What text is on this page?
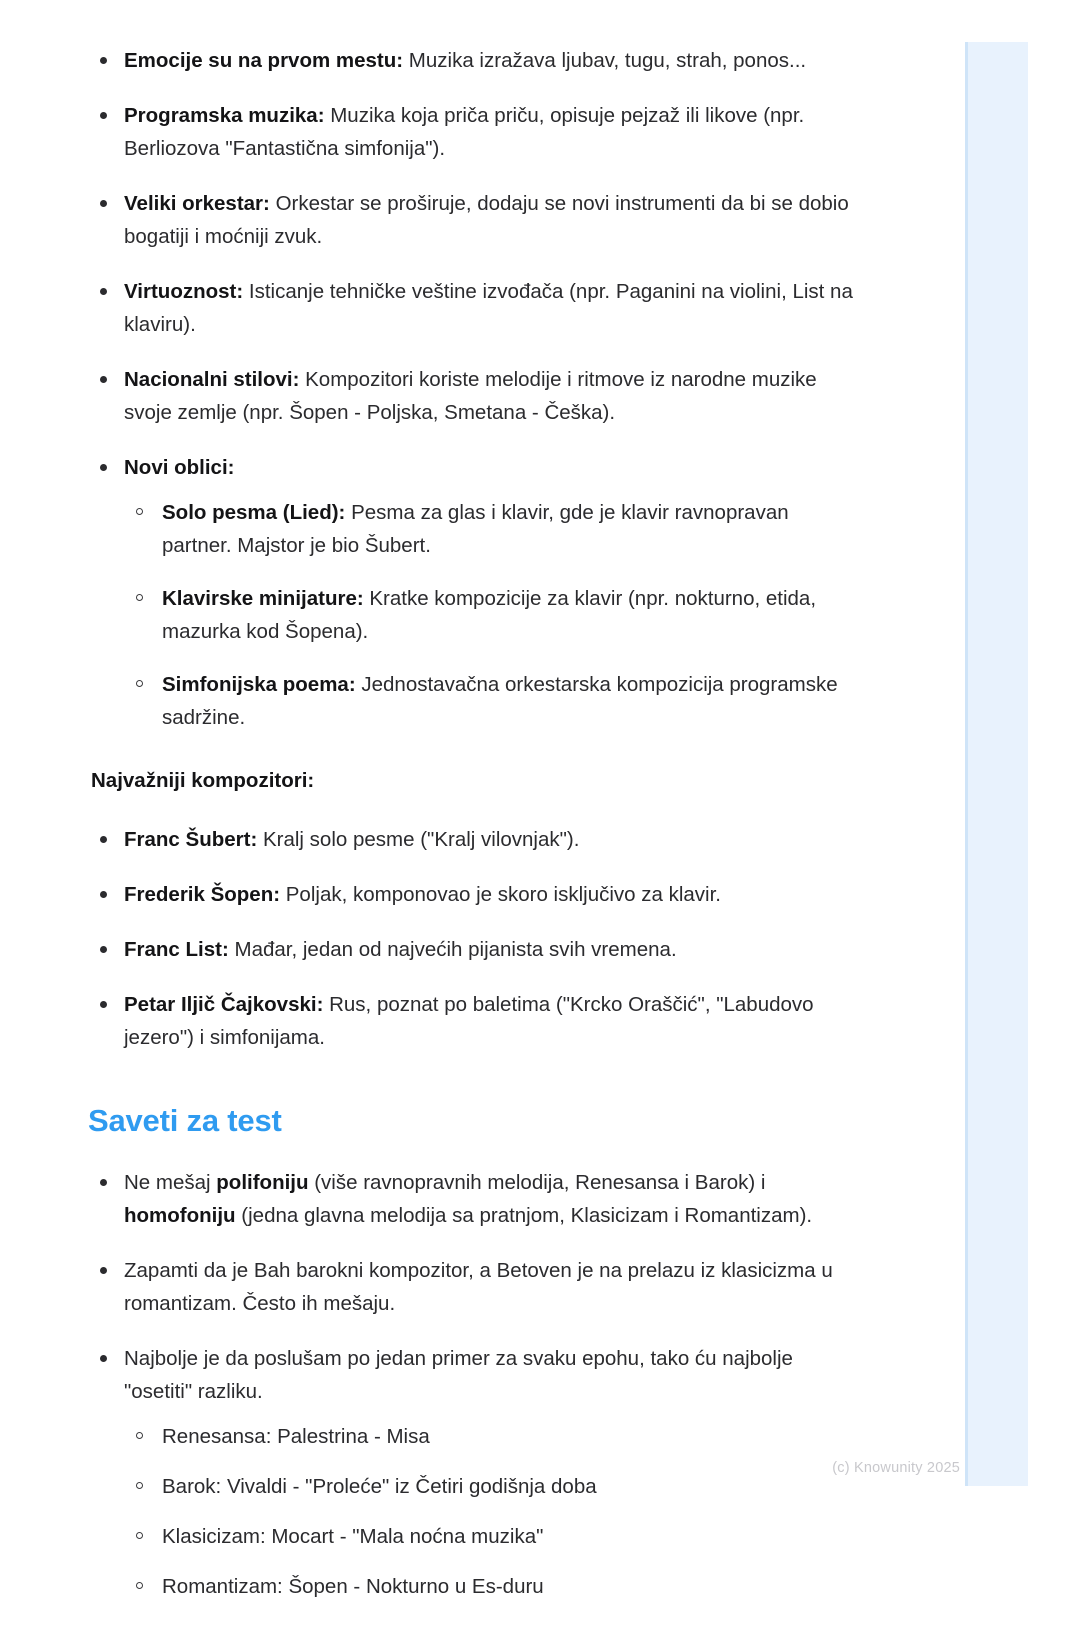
Emocije su na prvom mestu: Muzika izražava ljubav, tugu, strah, ponos...
Programska muzika: Muzika koja priča priču, opisuje pejzaž ili likove (npr. Berliozova "Fantastična simfonija").
Veliki orkestar: Orkestar se proširuje, dodaju se novi instrumenti da bi se dobio bogatiji i moćniji zvuk.
Virtuoznost: Isticanje tehničke veštine izvođača (npr. Paganini na violini, List na klaviru).
Nacionalni stilovi: Kompozitori koriste melodije i ritmove iz narodne muzike svoje zemlje (npr. Šopen - Poljska, Smetana - Češka).
Novi oblici:
Solo pesma (Lied): Pesma za glas i klavir, gde je klavir ravnopravan partner. Majstor je bio Šubert.
Klavirske minijature: Kratke kompozicije za klavir (npr. nokturno, etida, mazurka kod Šopena).
Simfonijska poema: Jednostavačna orkestarska kompozicija programske sadržine.
Najvažniji kompozitori:
Franc Šubert: Kralj solo pesme ("Kralj vilovnjak").
Frederik Šopen: Poljak, komponovao je skoro isključivo za klavir.
Franc List: Mađar, jedan od najvećih pijanista svih vremena.
Petar Iljič Čajkovski: Rus, poznat po baletima ("Krcko Oraščić", "Labudovo jezero") i simfonijama.
Saveti za test
Ne mešaj polifoniju (više ravnopravnih melodija, Renesansa i Barok) i homofoniju (jedna glavna melodija sa pratnjom, Klasicizam i Romantizam).
Zapamti da je Bah barokni kompozitor, a Betoven je na prelazu iz klasicizma u romantizam. Često ih mešaju.
Najbolje je da poslušam po jedan primer za svaku epohu, tako ću najbolje "osetiti" razliku.
Renesansa: Palestrina - Misa
Barok: Vivaldi - "Proleće" iz Četiri godišnja doba
Klasicizam: Mocart - "Mala noćna muzika"
Romantizam: Šopen - Nokturno u Es-duru
(c) Knowunity 2025
